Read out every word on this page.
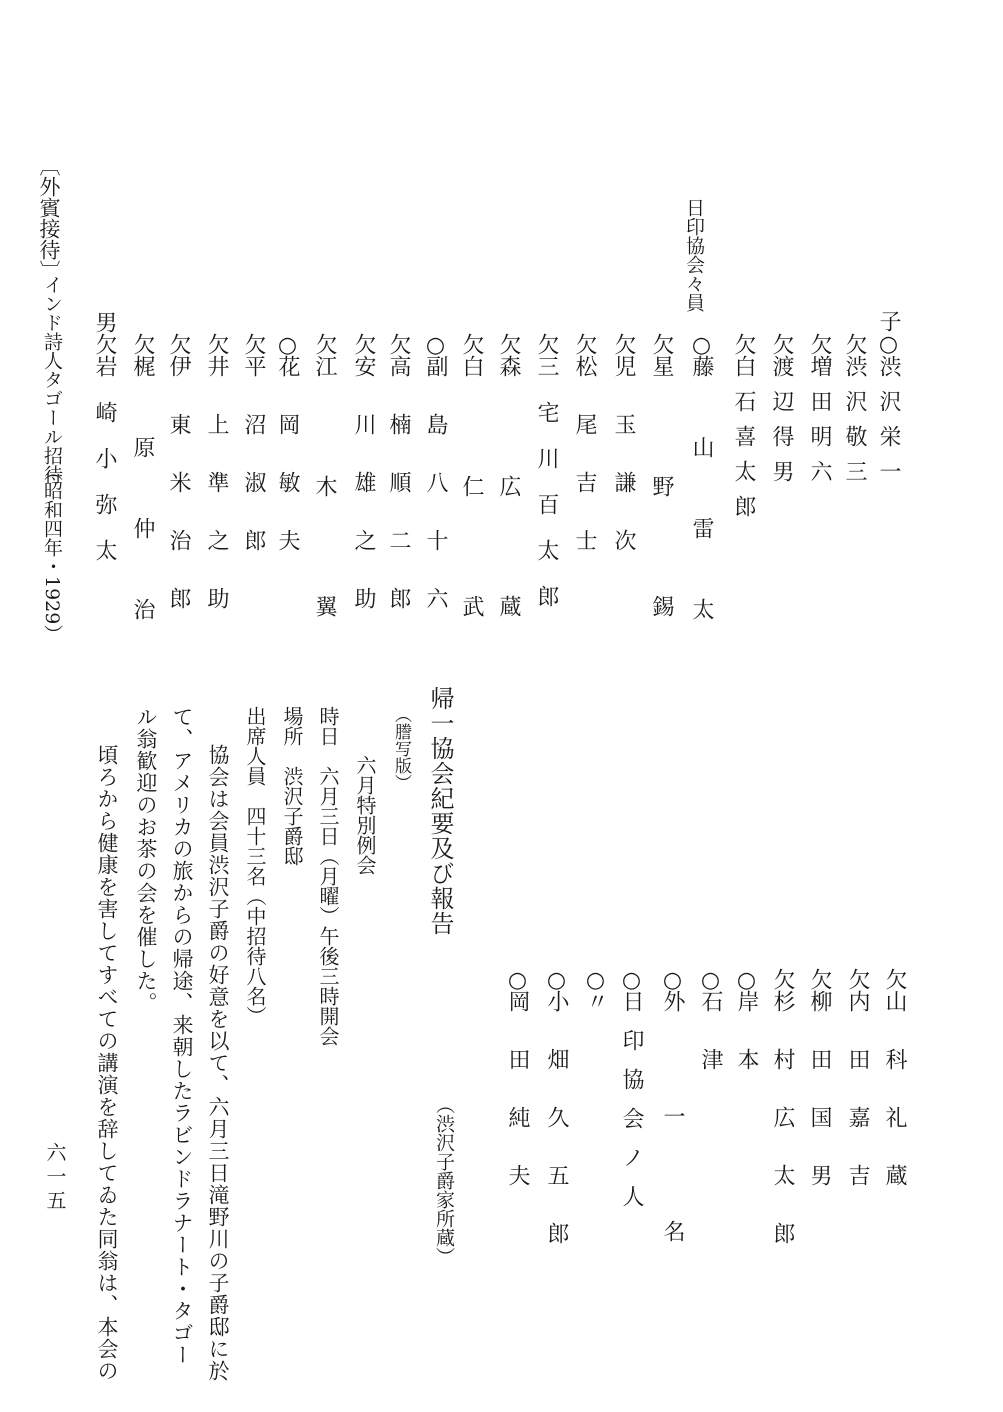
〔外賓接待〕
インド詩人タゴール招待
（昭和四年・1929）
日印協会々員
子○
渋沢栄一
欠
渋沢敬三
欠
増田明六
欠
渡辺得男
欠
白石喜太郎
○
藤山雷太
欠
星野錫
欠
児玉謙次
欠
松尾吉士
欠
三宅川百太郎
欠
森広蔵
欠
白仁武
○
副島八十六
欠
高楠順二郎
欠
安川雄之助
欠
江木翼
○
花岡敏夫
欠
平沼淑郎
欠
井上準之助
欠
伊東米治郎
欠
梶原仲治
男欠
岩崎小弥太
欠
山科礼蔵
欠
内田嘉吉
欠
柳田国男
欠
杉村広太郎
○
岸本
○
石津
○
外一名
○
日印協会ノ人
○
〃
○
小畑久五郎
○
岡田純夫
（渋沢子爵家所蔵）
帰一協会紀要及び報告
（謄写版）
六月特別例会
時日　六月三日（月曜）午後三時開会
場所　渋沢子爵邸
出席人員　四十三名（中招待八名）
協会は会員渋沢子爵の好意を以て、六月三日滝野川の子爵邸に於
て、アメリカの旅からの帰途、来朝したラビンドラナート・タゴー
ル翁歓迎のお茶の会を催した。
頃ろから健康を害してすべての講演を辞してゐた同翁は、本会の
六一五
